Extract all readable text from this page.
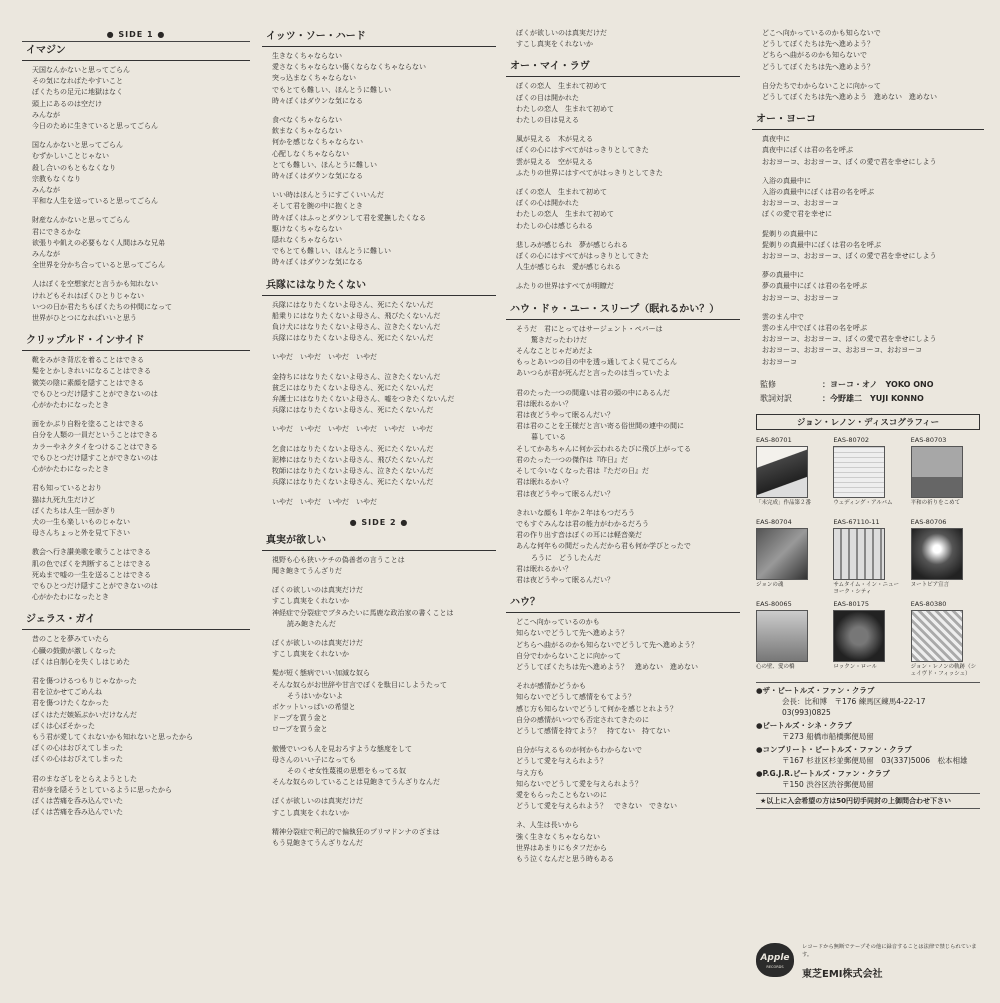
● SIDE 1 ●
イマジン
天国なんかないと思ってごらん
その気になればたやすいこと
ぼくたちの足元に地獄はなく
頭上にあるのは空だけ
みんなが
今日のために生きていると思ってごらん
国なんかないと思ってごらん
むずかしいことじゃない
殺し合いのもともなくなり
宗教もなくなり
みんなが
平和な人生を送っていると思ってごらん
財産なんかないと思ってごらん
君にできるかな
欲張りや飢えの必要もなく人間はみな兄弟
みんなが
全世界を分かち合っていると思ってごらん
人はぼくを空想家だと言うかも知れない
けれどもそれはぼくひとりじゃない
いつの日か君たちもぼくたちの仲間になって
世界がひとつになればいいと思う
クリップルド・インサイド
靴をみがき背広を着ることはできる
髪をとかしきれいになることはできる
微笑の陰に素顔を隠すことはできる
でもひとつだけ隠すことができないのは
心がかたわになったとき
面をかぶり自粉を塗ることはできる
自分を人類の一員だということはできる
カラーやネクタイをつけることはできる
でもひとつだけ隠すことができないのは
心がかたわになったとき
君も知っているとおり
猫は九死九生だけど
ぼくたちは人生一回かぎり
犬の一生も楽しいものじゃない
母さんちょっと外を見て下さい
教会へ行き讃美歌を歌うことはできる
肌の色でぼくを判断することはできる
死ぬまで嘘の一生を送ることはできる
でもひとつだけ隠すことができないのは
心がかたわになったとき
ジェラス・ガイ
昔のことを夢みていたら
心臓の鼓動が激しくなった
ぼくは自制心を失くしはじめた
君を傷つけるつもりじゃなかった
君を泣かせてごめんね
君を傷つけたくなかった
ぼくはただ嫉妬ぶかいだけなんだ
ぼくは心ぼそかった
もう君が愛してくれないかも知れないと思ったから
ぼくの心はおびえてしまった
ぼくの心はおびえてしまった
君のまなざしをとらえようとした
君が身を隠そうとしているように思ったから
ぼくは苦痛を呑み込んでいた
ぼくは苦痛を呑み込んでいた
イッツ・ソー・ハード
生きなくちゃならない
愛さなくちゃならない傷くならなくちゃならない
突っ込まなくちゃならない
でもとても難しい、ほんとうに難しい
時々ぼくはダウンな気になる
食べなくちゃならない
飲まなくちゃならない
何かを感じなくちゃならない
心配しなくちゃならない
とても難しい、ほんとうに難しい
時々ぼくはダウンな気になる
いい時はほんとうにすごくいいんだ
そして君を腕の中に抱くとき
時々ぼくはふっとダウンして君を愛撫したくなる
駆けなくちゃならない
隠れなくちゃならない
でもとても難しい、ほんとうに難しい
時々ぼくはダウンな気になる
兵隊にはなりたくない
兵隊にはなりたくないよ母さん、死にたくないんだ
船乗りにはなりたくないよ母さん、飛びたくないんだ
負け犬にはなりたくないよ母さん、泣きたくないんだ
兵隊にはなりたくないよ母さん、死にたくないんだ
いやだ　いやだ　いやだ　いやだ
金持ちにはなりたくないよ母さん、泣きたくないんだ
貧乏にはなりたくないよ母さん、死にたくないんだ
弁護士にはなりたくないよ母さん、嘘をつきたくないんだ
兵隊にはなりたくないよ母さん、死にたくないんだ
いやだ　いやだ　いやだ　いやだ　いやだ　いやだ
乞食にはなりたくないよ母さん、死にたくないんだ
泥棒にはなりたくないよ母さん、飛びたくないんだ
牧師にはなりたくないよ母さん、泣きたくないんだ
兵隊にはなりたくないよ母さん、死にたくないんだ
いやだ　いやだ　いやだ　いやだ
● SIDE 2 ●
真実が欲しい
視野も心も狭いケチの偽善者の言うことは
聞き飽きてうんざりだ
ぼくの欲しいのは真実だけだ
すこし真実をくれないか
神経症で分裂症でブタみたいに馬鹿な政治家の書くことは
　読み飽きたんだ
ぼくが欲しいのは真実だけだ
すこし真実をくれないか
髪が短く態病でいい加減な奴ら
そんな奴らがお世辞や甘言でぼくを駄目にしようたって
　そうはいかないよ
ポケットいっぱいの希望と
ドープを買う金と
ロープを買う金と
傲慢でいつも人を見おろすような態度をして
母さんのいい子になっても
　そのくせ女性蔑視の思想をもってる奴
そんな奴らのしていることは見飽きてうんざりなんだ
ぼくが欲しいのは真実だけだ
すこし真実をくれないか
精神分裂症で利己的で偏執狂のプリマドンナのざまは
もう見飽きてうんざりなんだ
ぼくが欲しいのは真実だけだ
すこし真実をくれないか
オー・マイ・ラヴ
ぼくの恋人　生まれて初めて
ぼくの目は開かれた
わたしの恋人　生まれて初めて
わたしの目は見える
風が見える　木が見える
ぼくの心にはすべてがはっきりとしてきた
雲が見える　空が見える
ふたりの世界にはすべてがはっきりとしてきた
ぼくの恋人　生まれて初めて
ぼくの心は開かれた
わたしの恋人　生まれて初めて
わたしの心は感じられる
悲しみが感じられ　夢が感じられる
ぼくの心にはすべてがはっきりとしてきた
人生が感じられ　愛が感じられる
ふたりの世界はすべてが明瞭だ
ハウ・ドゥ・ユー・スリープ（眠れるかい？）
そうだ　君にとってはサージェント・ペパーは
　驚きだったわけだ
そんなことじゃだめだよ
もっとあいつの目の中を透っ通してよく見てごらん
あいつらが君が死んだと言ったのは当っていたよ
君のたった一つの間違いは君の頭の中にあるんだ
君は眠れるかい？
君は夜どうやって眠るんだい？
君は君のことを王様だと言い寄る俗世間の連中の間に
　暮している
そしてかあちゃんに何か云われるたびに飛び上がってる
君のたった一つの傑作は『昨日』だ
そして今いなくなった君は『ただの日』だ
君は眠れるかい？
君は夜どうやって眠るんだい？
きれいな顔も１年か２年はもつだろう
でもすぐみんなは君の能力がわかるだろう
君の作り出す音はぼくの耳には軽音楽だ
あんな何年もの間だったんだから君も何か学びとったで
　ろうに　どうしたんだ
君は眠れるかい？
君は夜どうやって眠るんだい？
ハウ？
どこへ向かっているのかも
知らないでどうして先へ進めよう？
どちらへ曲がるのかも知らないでどうして先へ進めよう？
自分でわからないことに向かって
どうしてぼくたちは先へ進めよう？　進めない　進めない
それが感情かどうかも
知らないでどうして感情をもてよう？
感じ方も知らないでどうして何かを感じとれよう？
自分の感情がいつでも否定されてきたのに
どうして感情を持てよう？　持てない　持てない
自分が与えるものが何かもわからないで
どうして愛を与えられよう？
与え方も
知らないでどうして愛を与えられよう？
愛をもらったこともないのに
どうして愛を与えられよう？　できない　できない
ネ、人生は長いから
強く生きなくちゃならない
世界はあまりにもタフだから
もう泣くなんだと思う時もある
どこへ向かっているのかも知らないで
どうしてぼくたちは先へ進めよう？
どちらへ曲がるのかも知らないで
どうしてぼくたちは先へ進めよう？
自分たちでわからないことに向かって
どうしてぼくたちは先へ進めよう　進めない　進めない
オー・ヨーコ
真夜中に
真夜中にぼくは君の名を呼ぶ
おおヨーコ、おおヨーコ、ぼくの愛で君を幸せにしよう
入浴の真最中に
入浴の真最中にぼくは君の名を呼ぶ
おおヨーコ、おおヨーコ
ぼくの愛で君を幸せに
髭剃りの真最中に
髭剃りの真最中にぼくは君の名を呼ぶ
おおヨーコ、おおヨーコ、ぼくの愛で君を幸せにしよう
夢の真最中に
夢の真最中にぼくは君の名を呼ぶ
おおヨーコ、おおヨーコ
雲のまん中で
雲のまん中でぼくは君の名を呼ぶ
おおヨーコ、おおヨーコ、ぼくの愛で君を幸せにしよう
おおヨーコ、おおヨーコ、おおヨーコ、おおヨーコ
おおヨーコ
監修	：ヨーコ・オノ　YOKO ONO
歌詞対訳	：今野雄二　YUJI KONNO
ジョン・レノン・ディスコグラフィー
EAS-80701
「未完成」作品第２番
EAS-80702
ウェディング・アルバム
EAS-80703
平和の祈りをこめて
EAS-80704
ジョンの魂
EAS-67110-11
サムタイム・イン・ニューヨーク・シティ
EAS-80706
ヌートピア宣言
EAS-80065
心の壁、愛の橋
EAS-80175
ロックン・ロール
EAS-80380
ジョン・レノンの軌跡（シェイヴド・フィッシュ）
●ザ・ビートルズ・ファン・クラブ
会長：比和博　〒176 練馬区練馬4-22-17　03(993)0825
●ビートルズ・シネ・クラブ
〒273 船橋市船橋郵便局留
●コンプリート・ビートルズ・ファン・クラブ
〒167 杉並区杉並郵便局留　03(337)5006　松本相雄
●P.G.J.R.ビートルズ・ファン・クラブ
〒150 渋谷区渋谷郵便局留
★以上に入会希望の方は50円切手同封の上御問合わせ下さい
Apple
RECORDS
レコードから無断でテープその他に録音することは法律で禁じられています。
東芝EMI株式会社
